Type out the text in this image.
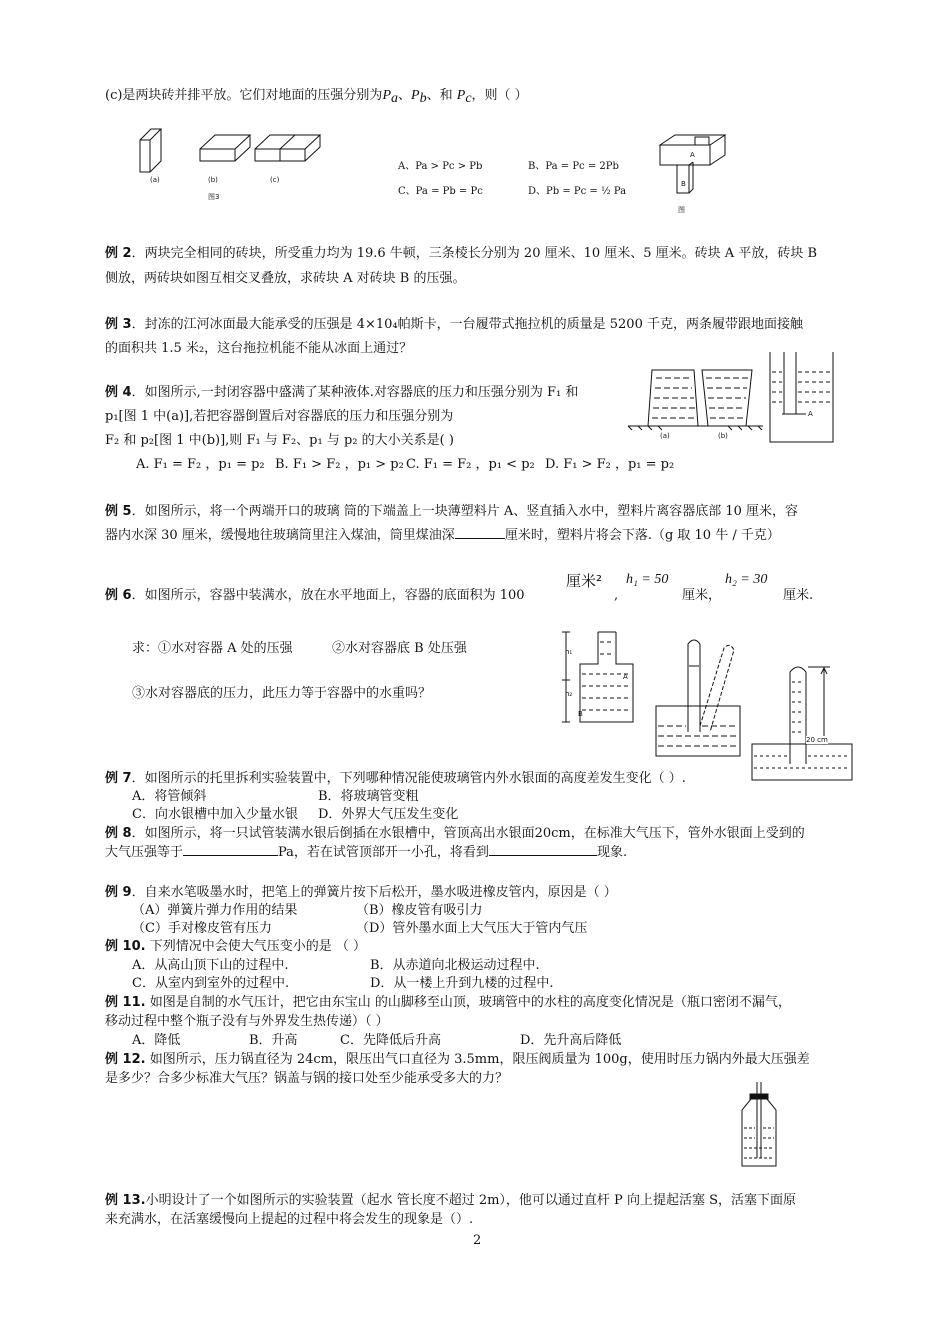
(c)是两块砖并排平放。它们对地面的压强分别为Pa、Pb、和 Pc，则（ ）
(a)	(b)	(c)
图3
A、Pa > Pc > Pb	B、Pa = Pc = 2Pb
C、Pa = Pb = Pc	D、Pb = Pc = ½ Pa
A
B
图
例 2．两块完全相同的砖块，所受重力均为 19.6 牛顿，三条棱长分别为 20 厘米、10 厘米、5 厘米。砖块 A 平放，砖块 B
侧放，两砖块如图互相交叉叠放，求砖块 A 对砖块 B 的压强。
例 3．封冻的江河冰面最大能承受的压强是 4×10₄帕斯卡，一台履带式拖拉机的质量是 5200 千克，两条履带跟地面接触
的面积共 1.5 米₂，这台拖拉机能不能从冰面上通过？
例 4．如图所示,一封闭容器中盛满了某种液体.对容器底的压力和压强分别为 F₁ 和
p₁[图 1 中(a)],若把容器倒置后对容器底的压力和压强分别为
F₂ 和 p₂[图 1 中(b)],则 F₁ 与 F₂、p₁ 与 p₂ 的大小关系是( )
A. F₁ = F₂ ，p₁ = p₂ B. F₁ > F₂ ，p₁ > p₂ C. F₁ = F₂ ，p₁ < p₂ D. F₁ > F₂ ，p₁ = p₂
(a)	(b)
A
例 5．如图所示，将一个两端开口的玻璃 筒的下端盖上一块薄塑料片 A、竖直插入水中，塑料片离容器底部 10 厘米，容
器内水深 30 厘米，缓慢地往玻璃筒里注入煤油，筒里煤油深	厘米时，塑料片将会下落.（g 取 10 牛 / 千克）
例 6．如图所示，容器中装满水，放在水平地面上，容器的底面积为 100
厘米²
,
h₁ = 50
厘米，
h₂ = 30
厘米.
求：①水对容器 A 处的压强	②水对容器底 B 处压强
③水对容器底的压力，此压力等于容器中的水重吗？
h₁
h₂
A
B
20 cm
例 7．如图所示的托里拆利实验装置中，下列哪种情况能使玻璃管内外水银面的高度差发生变化（ ）.
A．将管倾斜	B．将玻璃管变粗
C．向水银槽中加入少量水银 D．外界大气压发生变化
例 8．如图所示，将一只试管装满水银后倒插在水银槽中，管顶高出水银面20cm，在标准大气压下，管外水银面上受到的
大气压强等于	Pa，若在试管顶部开一小孔，将看到	现象.
例 9．自来水笔吸墨水时，把笔上的弹簧片按下后松开，墨水吸进橡皮管内，原因是（ ）
（A）弹簧片弹力作用的结果	（B）橡皮管有吸引力
（C）手对橡皮管有压力	（D）管外墨水面上大气压大于管内气压
例 10. 下列情况中会使大气压变小的是 （ ）
A．从高山顶下山的过程中.	B．从赤道向北极运动过程中.
C．从室内到室外的过程中.	D．从一楼上升到九楼的过程中.
例 11. 如图是自制的水气压计，把它由东宝山 的山脚移至山顶，玻璃管中的水柱的高度变化情况是（瓶口密闭不漏气，
移动过程中整个瓶子没有与外界发生热传递）（ ）
A．降低	B．升高	C．先降低后升高	D．先升高后降低
例 12. 如图所示，压力锅直径为 24cm，限压出气口直径为 3.5mm，限压阀质量为 100g，使用时压力锅内外最大压强差
是多少？合多少标准大气压？锅盖与锅的接口处至少能承受多大的力？
例 13.小明设计了一个如图所示的实验装置（起水 管长度不超过 2m），他可以通过直杆 P 向上提起活塞 S，活塞下面原
来充满水，在活塞缓慢向上提起的过程中将会发生的现象是（）.
2
